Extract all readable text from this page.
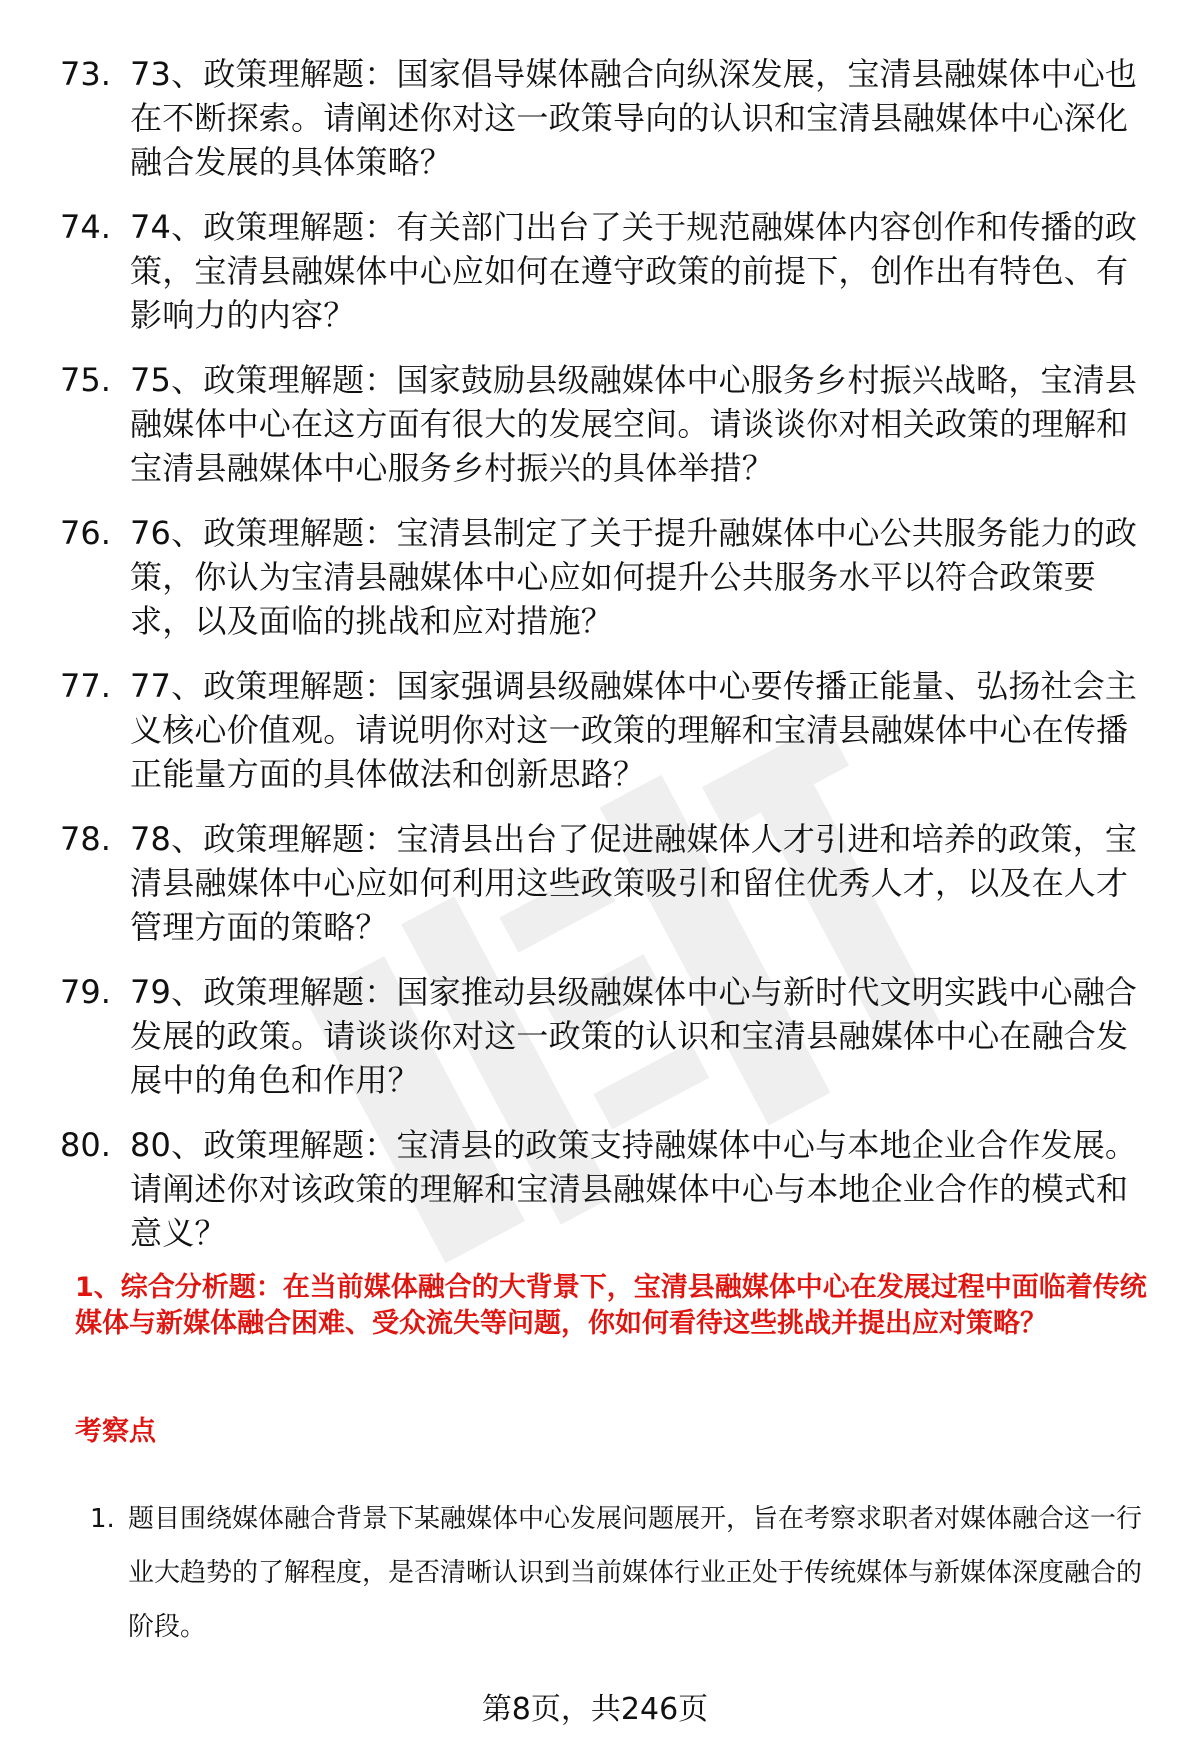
73. 73、政策理解题：国家倡导媒体融合向纵深发展，宝清县融媒体中心也在不断探索。请阐述你对这一政策导向的认识和宝清县融媒体中心深化融合发展的具体策略？
74. 74、政策理解题：有关部门出台了关于规范融媒体内容创作和传播的政策，宝清县融媒体中心应如何在遵守政策的前提下，创作出有特色、有影响力的内容？
75. 75、政策理解题：国家鼓励县级融媒体中心服务乡村振兴战略，宝清县融媒体中心在这方面有很大的发展空间。请谈谈你对相关政策的理解和宝清县融媒体中心服务乡村振兴的具体举措？
76. 76、政策理解题：宝清县制定了关于提升融媒体中心公共服务能力的政策，你认为宝清县融媒体中心应如何提升公共服务水平以符合政策要求，以及面临的挑战和应对措施？
77. 77、政策理解题：国家强调县级融媒体中心要传播正能量、弘扬社会主义核心价值观。请说明你对这一政策的理解和宝清县融媒体中心在传播正能量方面的具体做法和创新思路？
78. 78、政策理解题：宝清县出台了促进融媒体人才引进和培养的政策，宝清县融媒体中心应如何利用这些政策吸引和留住优秀人才，以及在人才管理方面的策略？
79. 79、政策理解题：国家推动县级融媒体中心与新时代文明实践中心融合发展的政策。请谈谈你对这一政策的认识和宝清县融媒体中心在融合发展中的角色和作用？
80. 80、政策理解题：宝清县的政策支持融媒体中心与本地企业合作发展。请阐述你对该政策的理解和宝清县融媒体中心与本地企业合作的模式和意义？
1、综合分析题：在当前媒体融合的大背景下，宝清县融媒体中心在发展过程中面临着传统媒体与新媒体融合困难、受众流失等问题，你如何看待这些挑战并提出应对策略？
考察点
1. 题目围绕媒体融合背景下某融媒体中心发展问题展开，旨在考察求职者对媒体融合这一行业大趋势的了解程度，是否清晰认识到当前媒体行业正处于传统媒体与新媒体深度融合的阶段。
第8页，共246页
